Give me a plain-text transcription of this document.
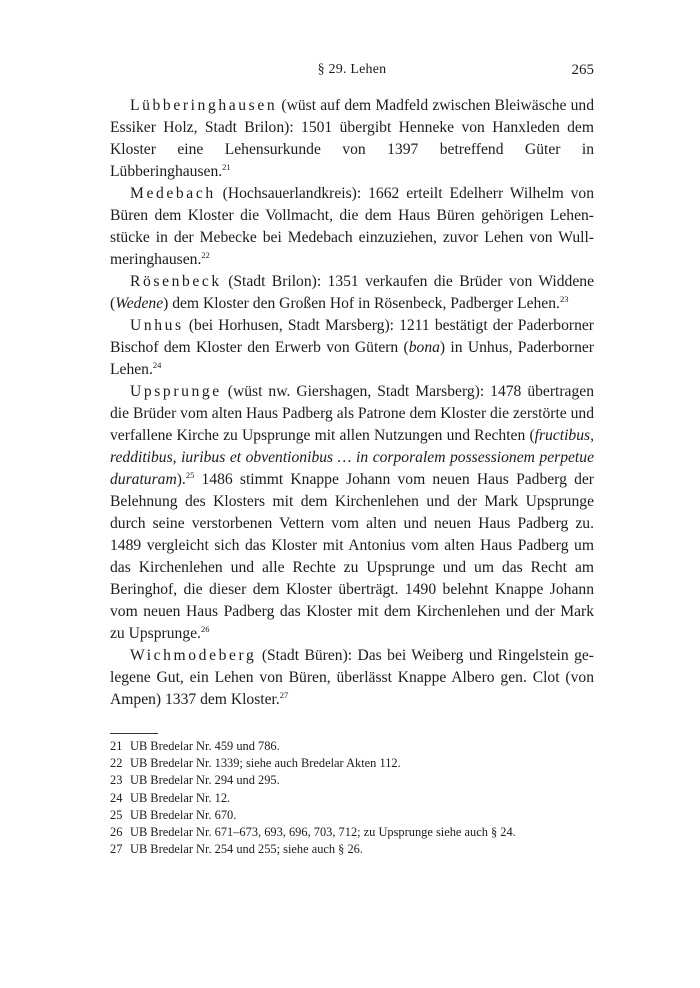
§ 29. Lehen	265

Lübberinghausen (wüst auf dem Madfeld zwischen Bleiwäsche und Essiker Holz, Stadt Brilon): 1501 übergibt Henneke von Hanxleden dem Kloster eine Lehensurkunde von 1397 betreffend Güter in Lübberinghausen.$^{21}$

Medebach (Hochsauerlandkreis): 1662 erteilt Edelherr Wilhelm von Büren dem Kloster die Vollmacht, die dem Haus Büren gehörigen Lehenstücke in der Mebecke bei Medebach einzuziehen, zuvor Lehen von Wullmeringhausen.$^{22}$

Rösenbeck (Stadt Brilon): 1351 verkaufen die Brüder von Widdene (Wedene) dem Kloster den Großen Hof in Rösenbeck, Padberger Lehen.$^{23}$

Unhus (bei Horhusen, Stadt Marsberg): 1211 bestätigt der Paderborner Bischof dem Kloster den Erwerb von Gütern (bona) in Unhus, Paderborner Lehen.$^{24}$

Upsprunge (wüst nw. Giershagen, Stadt Marsberg): 1478 übertragen die Brüder vom alten Haus Padberg als Patrone dem Kloster die zerstörte und verfallene Kirche zu Upsprunge mit allen Nutzungen und Rechten (fructibus, redditibus, iuribus et obventionibus … in corporalem possessionem perpetue duraturam).$^{25}$ 1486 stimmt Knappe Johann vom neuen Haus Padberg der Belehnung des Klosters mit dem Kirchenlehen und der Mark Upsprunge durch seine verstorbenen Vettern vom alten und neuen Haus Padberg zu. 1489 vergleicht sich das Kloster mit Antonius vom alten Haus Padberg um das Kirchenlehen und alle Rechte zu Upsprunge und um das Recht am Beringhof, die dieser dem Kloster überträgt. 1490 belehnt Knappe Johann vom neuen Haus Padberg das Kloster mit dem Kirchenlehen und der Mark zu Upsprunge.$^{26}$

Wichmodeberg (Stadt Büren): Das bei Weiberg und Ringelstein gelegene Gut, ein Lehen von Büren, überlässt Knappe Albero gen. Clot (von Ampen) 1337 dem Kloster.$^{27}$

21 UB Bredelar Nr. 459 und 786.
22 UB Bredelar Nr. 1339; siehe auch Bredelar Akten 112.
23 UB Bredelar Nr. 294 und 295.
24 UB Bredelar Nr. 12.
25 UB Bredelar Nr. 670.
26 UB Bredelar Nr. 671–673, 693, 696, 703, 712; zu Upsprunge siehe auch § 24.
27 UB Bredelar Nr. 254 und 255; siehe auch § 26.
